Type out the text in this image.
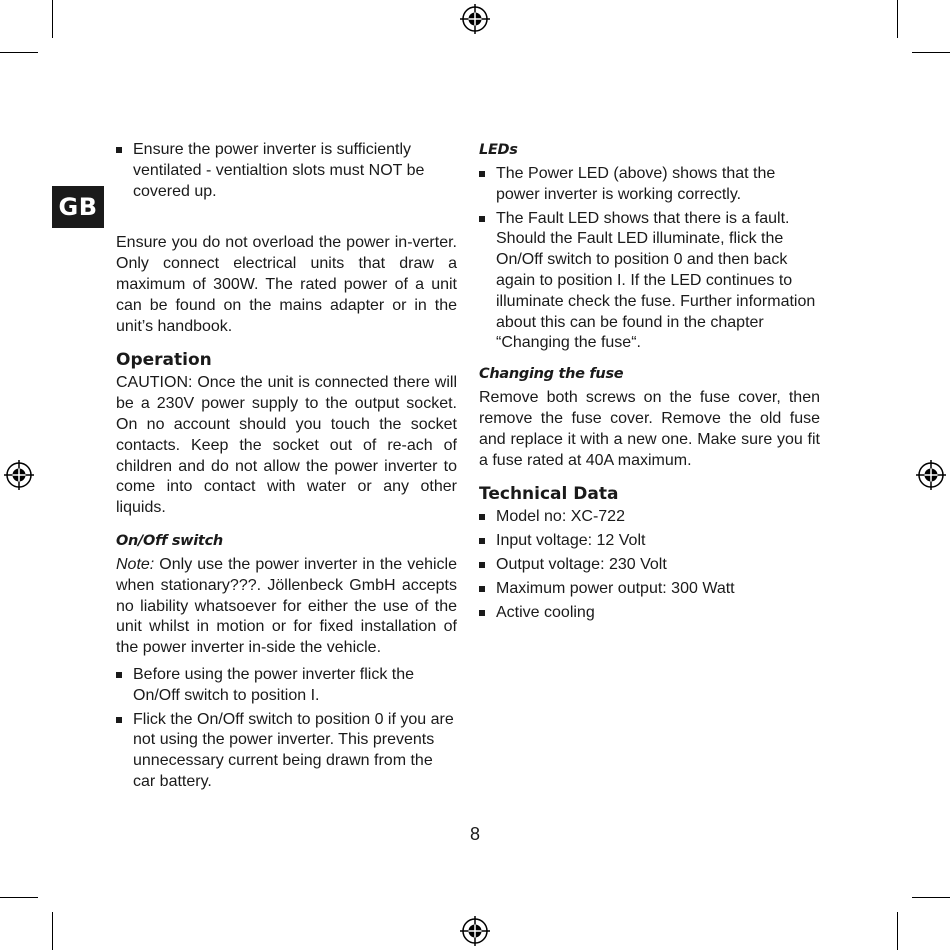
GB
Ensure the power inverter is sufficiently ventilated - ventialtion slots must NOT be covered up.

Ensure you do not overload the power in-verter. Only connect electrical units that draw a maximum of 300W. The rated power of a unit can be found on the mains adapter or in the unit’s handbook.

Operation

CAUTION: Once the unit is connected there will be a 230V power supply to the output socket. On no account should you touch the socket contacts. Keep the socket out of re-ach of children and do not allow the power inverter to come into contact with water or any other liquids.

On/Off switch

Note: Only use the power inverter in the vehicle when stationary???. Jöllenbeck GmbH accepts no liability whatsoever for either the use of the unit whilst in motion or for fixed installation of the power inverter in-side the vehicle.

Before using the power inverter flick the On/Off switch to position I.
Flick the On/Off switch to position 0 if you are not using the power inverter. This prevents unnecessary current being drawn from the car battery.
LEDs
The Power LED (above) shows that the power inverter is working correctly.
The Fault LED shows that there is a fault. Should the Fault LED illuminate, flick the On/Off switch to position 0 and then back again to position I. If the LED continues to illuminate check the fuse. Further information about this can be found in the chapter “Changing the fuse“.
Changing the fuse

Remove both screws on the fuse cover, then remove the fuse cover. Remove the old fuse and replace it with a new one. Make sure you fit a fuse rated at 40A maximum.

Technical Data
Model no: XC-722
Input voltage: 12 Volt
Output voltage: 230 Volt
Maximum power output: 300 Watt
Active cooling
8
